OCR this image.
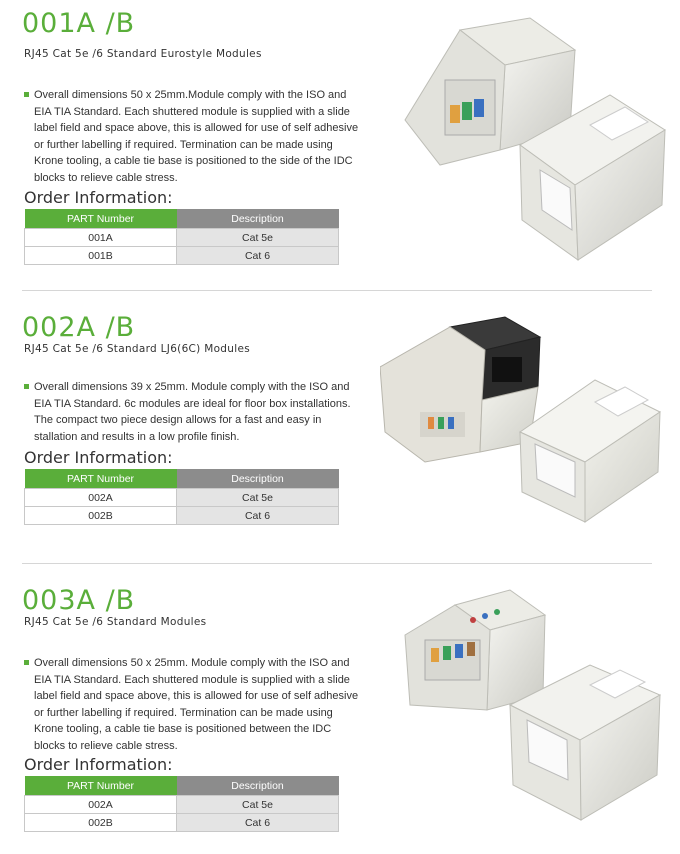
001A /B
RJ45 Cat 5e /6 Standard Eurostyle Modules
Overall dimensions 50 x 25mm.Module comply with the ISO and EIA TIA Standard. Each shuttered module is supplied with a slide label field and space above, this is allowed for use of self adhesive or further labelling if required. Termination can be made using Krone tooling, a cable tie base is positioned to the side of the IDC blocks to relieve cable stress.
Order Information:
PART Number	Description
001A	Cat 5e
001B	Cat 6
002A /B
RJ45 Cat 5e /6 Standard LJ6(6C) Modules
Overall dimensions 39 x 25mm. Module comply with the ISO and EIA TIA Standard. 6c modules are ideal for floor box installations. The compact two piece design allows for a fast and easy in stallation and results in a low profile finish.
Order Information:
PART Number	Description
002A	Cat 5e
002B	Cat 6
003A /B
RJ45 Cat 5e /6 Standard Modules
Overall dimensions 50 x 25mm. Module comply with the ISO and EIA TIA Standard. Each shuttered module is supplied with a slide label field and space above, this is allowed for use of self adhesive or further labelling if required. Termination can be made using Krone tooling, a cable tie base is positioned between the IDC blocks to relieve cable stress.
Order Information:
PART Number	Description
002A	Cat 5e
002B	Cat 6
